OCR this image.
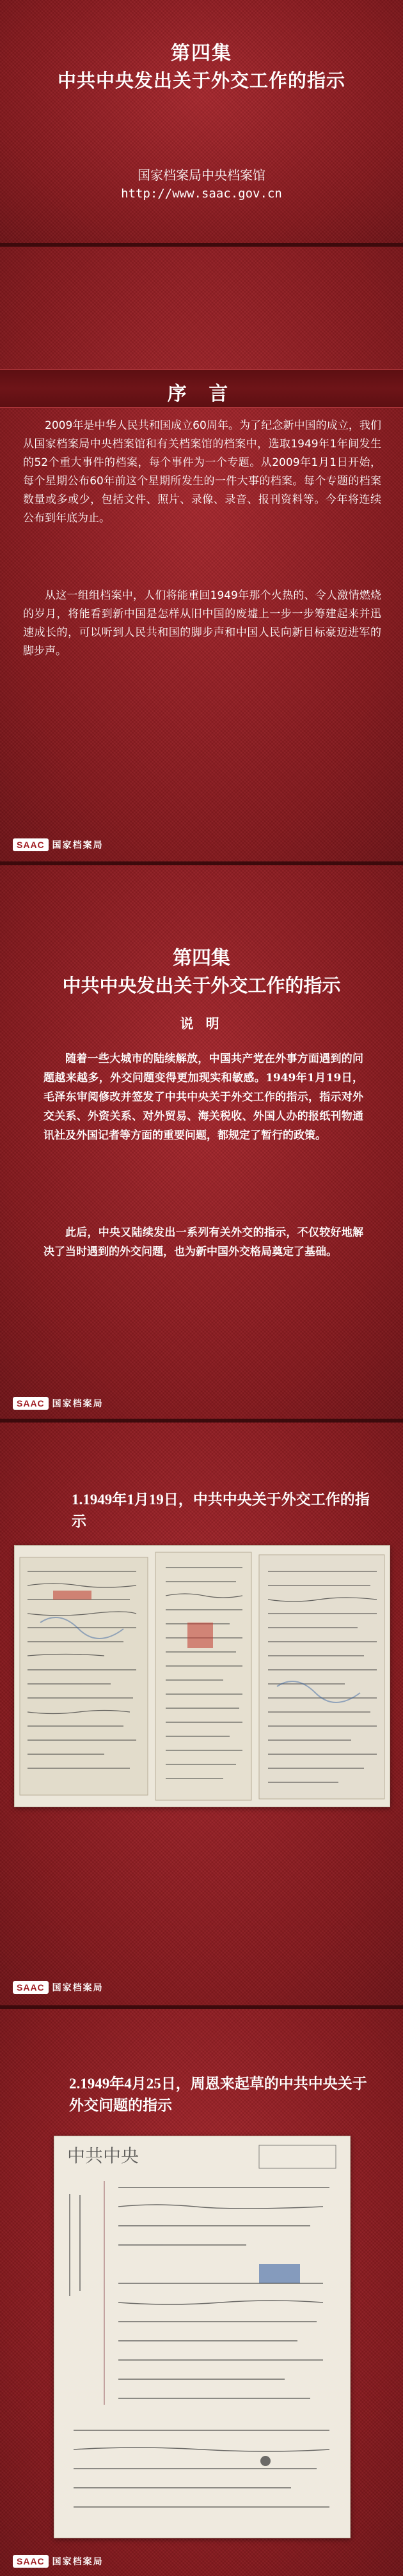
第四集
中共中央发出关于外交工作的指示
国家档案局中央档案馆
http://www.saac.gov.cn
序 言
2009年是中华人民共和国成立60周年。为了纪念新中国的成立，我们从国家档案局中央档案馆和有关档案馆的档案中，选取1949年1年间发生的52个重大事件的档案，每个事件为一个专题。从2009年1月1日开始，每个星期公布60年前这个星期所发生的一件大事的档案。每个专题的档案数量或多或少，包括文件、照片、录像、录音、报刊资料等。今年将连续公布到年底为止。
从这一组组档案中，人们将能重回1949年那个火热的、令人激情燃烧的岁月，将能看到新中国是怎样从旧中国的废墟上一步一步筹建起来并迅速成长的，可以听到人民共和国的脚步声和中国人民向新目标豪迈进军的脚步声。
SAAC 国家档案局
第四集
中共中央发出关于外交工作的指示
说 明
随着一些大城市的陆续解放，中国共产党在外事方面遇到的问题越来越多，外交问题变得更加现实和敏感。1949年1月19日，毛泽东审阅修改并签发了中共中央关于外交工作的指示，指示对外交关系、外资关系、对外贸易、海关税收、外国人办的报纸刊物通讯社及外国记者等方面的重要问题，都规定了暂行的政策。
此后，中央又陆续发出一系列有关外交的指示，不仅较好地解决了当时遇到的外交问题，也为新中国外交格局奠定了基础。
SAAC 国家档案局
1.1949年1月19日，中共中央关于外交工作的指示
SAAC 国家档案局
2.1949年4月25日，周恩来起草的中共中央关于外交问题的指示
中共中央
SAAC 国家档案局
